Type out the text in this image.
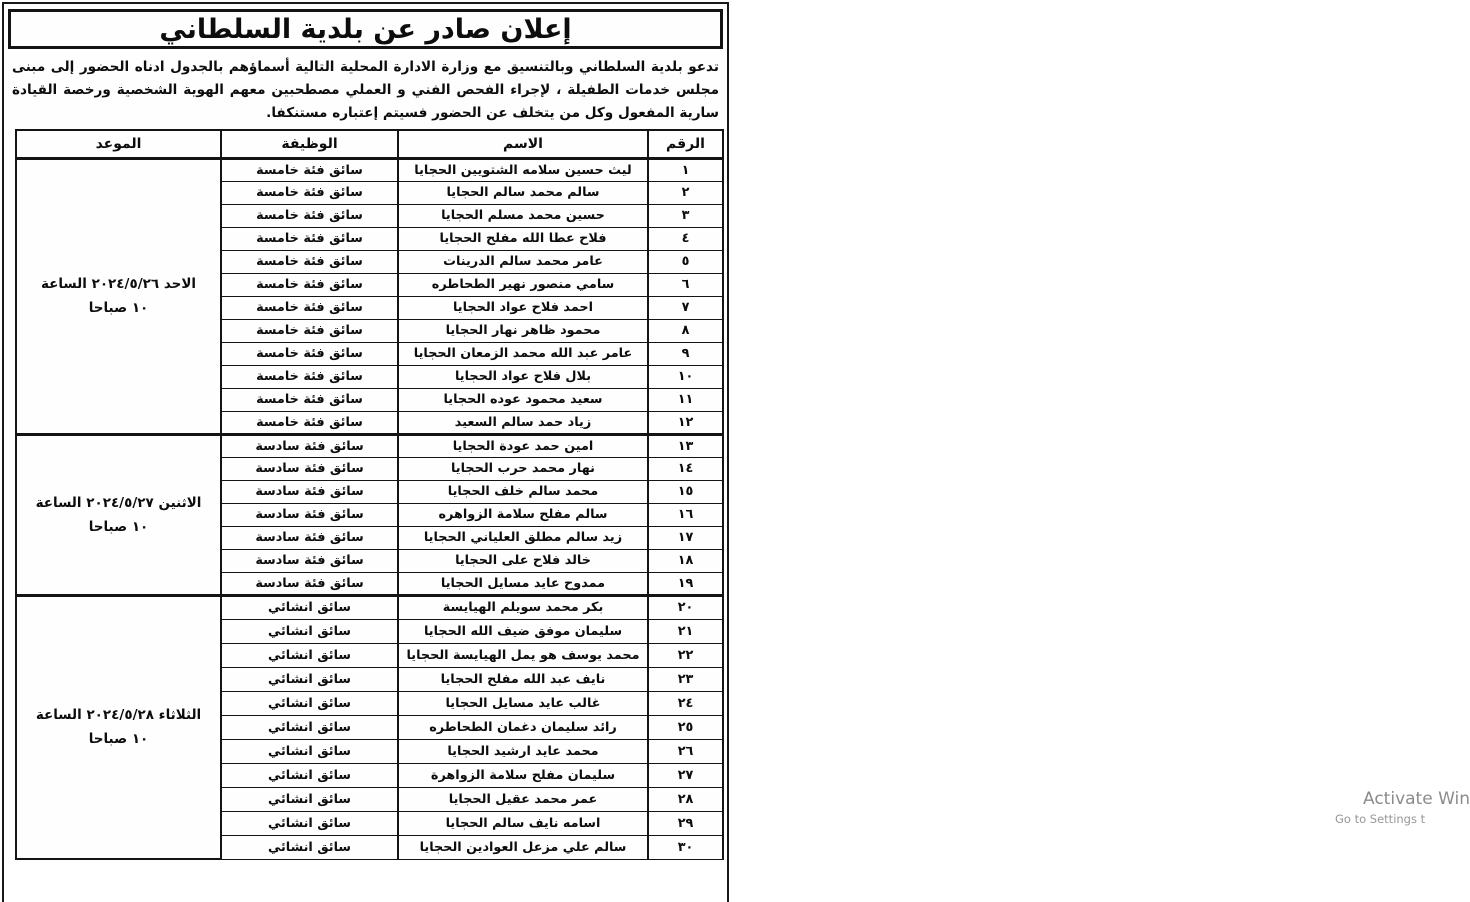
إعلان صادر عن بلدية السلطاني

تدعو بلدية السلطاني وبالتنسيق مع وزارة الادارة المحلية التالية أسماؤهم بالجدول ادناه الحضور إلى مبنى مجلس خدمات الطفيلة ، لإجراء الفحص الفني و العملي مصطحبين معهم الهوية الشخصية ورخصة القيادة سارية المفعول وكل من يتخلف عن الحضور فسيتم إعتباره مستنكفا.

الرقم	الاسم	الوظيفة	الموعد
١	ليث حسين سلامه الشتويين الحجايا	سائق فئة خامسة	الاحد ٢٠٢٤/٥/٢٦ الساعة ١٠ صباحا
٢	سالم محمد سالم الحجايا	سائق فئة خامسة	
٣	حسين محمد مسلم الحجايا	سائق فئة خامسة	
٤	فلاح عطا الله مفلح الحجايا	سائق فئة خامسة	
٥	عامر محمد سالم الدرينات	سائق فئة خامسة	
٦	سامي منصور نهير الطحاطره	سائق فئة خامسة	
٧	احمد فلاح عواد الحجايا	سائق فئة خامسة	
٨	محمود ظاهر نهار الحجايا	سائق فئة خامسة	
٩	عامر عبد الله محمد الزمعان الحجايا	سائق فئة خامسة	
١٠	بلال فلاح عواد الحجايا	سائق فئة خامسة	
١١	سعيد محمود عوده الحجايا	سائق فئة خامسة	
١٢	زياد حمد سالم السعيد	سائق فئة خامسة	
١٣	امين حمد عودة الحجايا	سائق فئة سادسة	الاثنين ٢٠٢٤/٥/٢٧ الساعة ١٠ صباحا
١٤	نهار محمد حرب الحجايا	سائق فئة سادسة	
١٥	محمد سالم خلف الحجايا	سائق فئة سادسة	
١٦	سالم مفلح سلامة الزواهره	سائق فئة سادسة	
١٧	زيد سالم مطلق العلياني الحجايا	سائق فئة سادسة	
١٨	خالد فلاح على الحجايا	سائق فئة سادسة	
١٩	ممدوح عايد مسايل الحجايا	سائق فئة سادسة	
٢٠	بكر محمد سويلم الهيايسة	سائق انشائي	الثلاثاء ٢٠٢٤/٥/٢٨ الساعة ١٠ صباحا
٢١	سليمان موفق ضيف الله الحجايا	سائق انشائي	
٢٢	محمد يوسف هو يمل الهيايسة الحجايا	سائق انشائي	
٢٣	نايف عبد الله مفلح الحجايا	سائق انشائي	
٢٤	غالب عايد مسايل الحجايا	سائق انشائي	
٢٥	رائد سليمان دغمان الطحاطره	سائق انشائي	
٢٦	محمد عايد ارشيد الحجايا	سائق انشائي	
٢٧	سليمان مفلح سلامة الزواهرة	سائق انشائي	
٢٨	عمر محمد عقيل الحجايا	سائق انشائي	
٢٩	اسامه نايف سالم الحجايا	سائق انشائي	
٣٠	سالم علي مزعل العوادين الحجايا	سائق انشائي	
Activate Win
Go to Settings t
